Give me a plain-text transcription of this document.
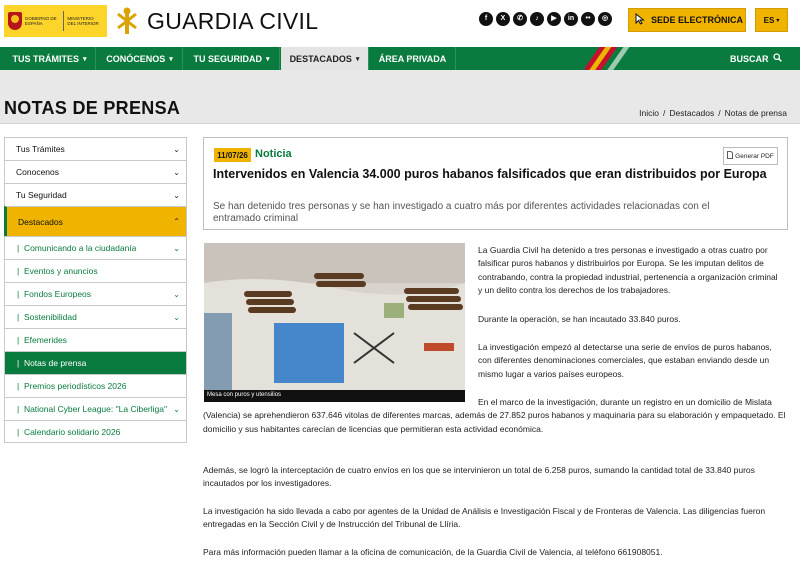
GOBIERNO DE ESPAÑA
MINISTERIO DEL INTERIOR GUARDIA CIVIL	f	X	✆	♪	▶	in	••	◎	SEDE ELECTRÓNICA	ES ▾
TUS TRÁMITES ▾ CONÓCENOS ▾ TU SEGURIDAD ▾ DESTACADOS ▾ ÁREA PRIVADA	BUSCAR
NOTAS DE PRENSA	Inicio / Destacados / Notas de prensa
Tus Trámites	⌄
Conocenos	⌄
Tu Seguridad	⌄
Destacados	⌃
|  Comunicando a la ciudadanía	⌄
|  Eventos y anuncios
|  Fondos Europeos	⌄
|  Sostenibilidad	⌄
|  Efemerides
|  Notas de prensa
|  Premios periodísticos 2026
|  National Cyber League: "La Ciberliga" ⌄
|  Calendario solidario 2026
11/07/26 Noticia	Generar PDF
Intervenidos en Valencia 34.000 puros habanos falsificados que eran distribuidos por Europa
Se han detenido tres personas y se han investigado a cuatro más por diferentes actividades relacionadas con el entramado criminal
Mesa con puros y utensilios
La Guardia Civil ha detenido a tres personas e investigado a otras cuatro por falsificar puros habanos y distribuirlos por Europa. Se les imputan delitos de contrabando, contra la propiedad industrial, pertenencia a organización criminal y un delito contra los derechos de los trabajadores.
Durante la operación, se han incautado 33.840 puros.
La investigación empezó al detectarse una serie de envíos de puros habanos, con diferentes denominaciones comerciales, que estaban enviando desde un mismo lugar a varios países europeos.
En el marco de la investigación, durante un registro en un domicilio de Mislata (Valencia) se aprehendieron 637.646 vitolas de diferentes marcas, además de 27.852 puros habanos y maquinaria para su elaboración y empaquetado. El domicilio y sus habitantes carecían de licencias que permitieran esta actividad económica.
Además, se logró la interceptación de cuatro envíos en los que se intervinieron un total de 6.258 puros, sumando la cantidad total de 33.840 puros incautados por los investigadores.
La investigación ha sido llevada a cabo por agentes de la Unidad de Análisis e Investigación Fiscal y de Fronteras de Valencia. Las diligencias fueron entregadas en la Sección Civil y de Instrucción del Tribunal de Llíria.
Para más información pueden llamar a la oficina de comunicación, de la Guardia Civil de Valencia, al teléfono 661908051.
